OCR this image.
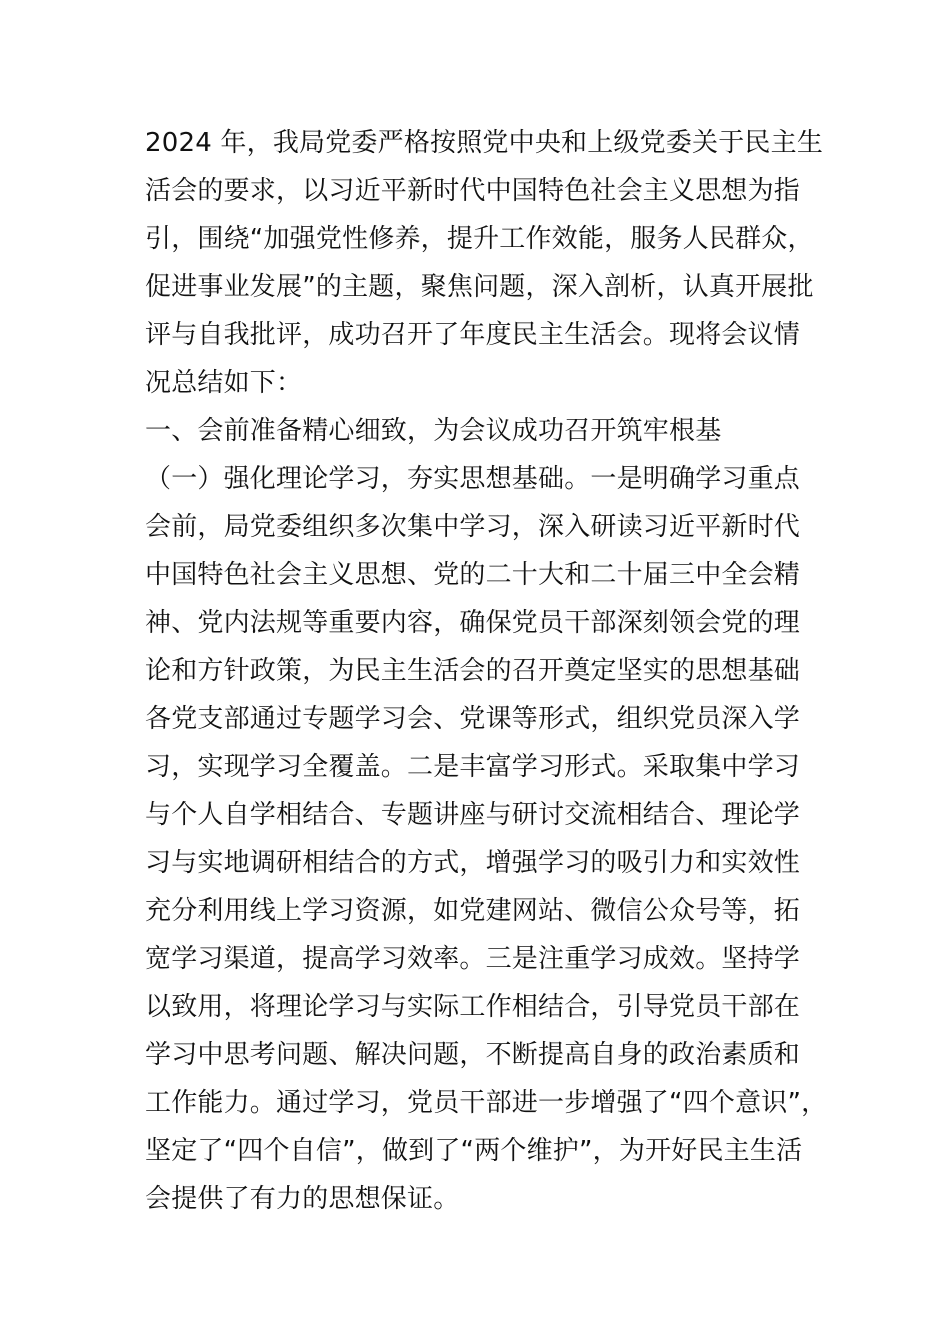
2024 年，我局党委严格按照党中央和上级党委关于民主生
活会的要求，以习近平新时代中国特色社会主义思想为指
引，围绕“加强党性修养，提升工作效能，服务人民群众，
促进事业发展”的主题，聚焦问题，深入剖析，认真开展批
评与自我批评，成功召开了年度民主生活会。现将会议情
况总结如下：
一、会前准备精心细致，为会议成功召开筑牢根基
（一）强化理论学习，夯实思想基础。一是明确学习重点
会前，局党委组织多次集中学习，深入研读习近平新时代
中国特色社会主义思想、党的二十大和二十届三中全会精
神、党内法规等重要内容，确保党员干部深刻领会党的理
论和方针政策，为民主生活会的召开奠定坚实的思想基础
各党支部通过专题学习会、党课等形式，组织党员深入学
习，实现学习全覆盖。二是丰富学习形式。采取集中学习
与个人自学相结合、专题讲座与研讨交流相结合、理论学
习与实地调研相结合的方式，增强学习的吸引力和实效性
充分利用线上学习资源，如党建网站、微信公众号等，拓
宽学习渠道，提高学习效率。三是注重学习成效。坚持学
以致用，将理论学习与实际工作相结合，引导党员干部在
学习中思考问题、解决问题，不断提高自身的政治素质和
工作能力。通过学习，党员干部进一步增强了“四个意识”，
坚定了“四个自信”，做到了“两个维护”，为开好民主生活
会提供了有力的思想保证。
